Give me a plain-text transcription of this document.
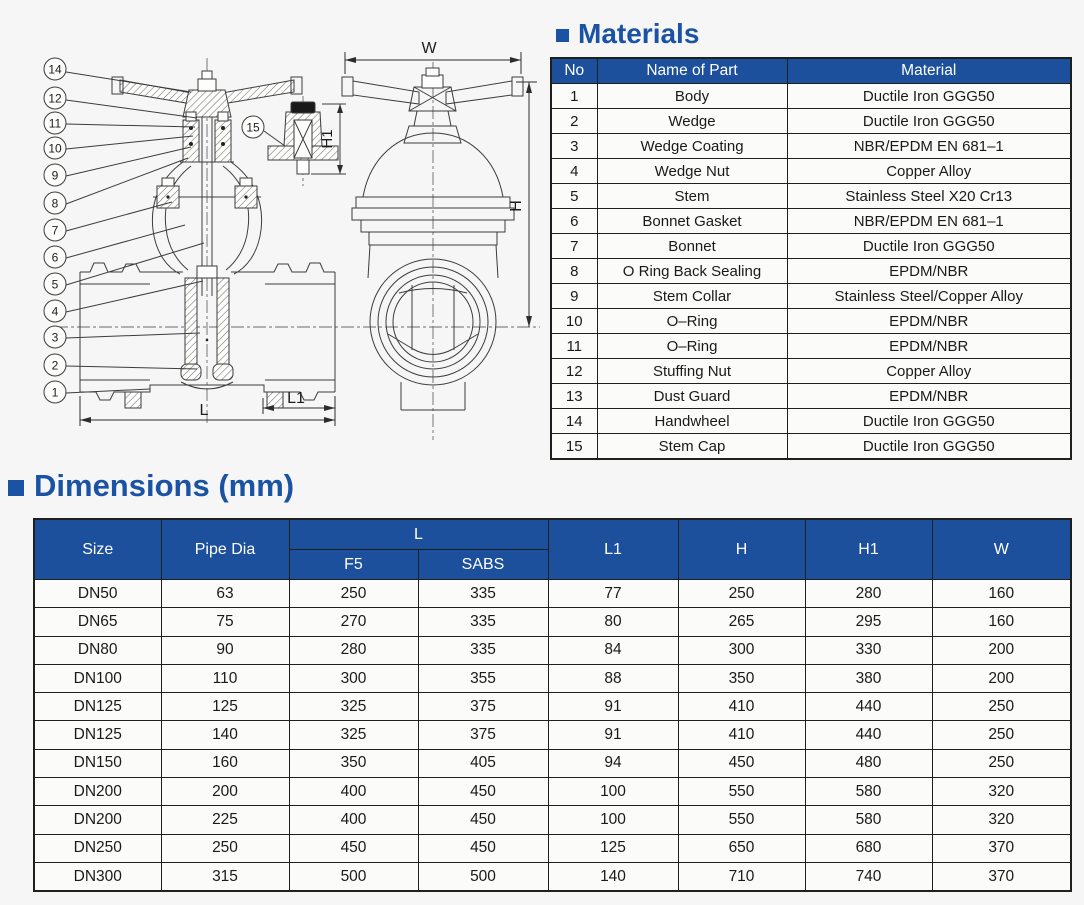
L
L1
H1
15
14
12
11
10
9
8
7
6
5
4
3
2
1
W
H
Materials
No	Name of Part	Material
1	Body	Ductile Iron GGG50
2	Wedge	Ductile Iron GGG50
3	Wedge Coating	NBR/EPDM EN 681–1
4	Wedge Nut	Copper Alloy
5	Stem	Stainless Steel X20 Cr13
6	Bonnet Gasket	NBR/EPDM EN 681–1
7	Bonnet	Ductile Iron GGG50
8	O Ring Back Sealing	EPDM/NBR
9	Stem Collar	Stainless Steel/Copper Alloy
10	O–Ring	EPDM/NBR
11	O–Ring	EPDM/NBR
12	Stuffing Nut	Copper Alloy
13	Dust Guard	EPDM/NBR
14	Handwheel	Ductile Iron GGG50
15	Stem Cap	Ductile Iron GGG50
Dimensions (mm)
Size	Pipe Dia	L		L1	H	H1	W
		F5	SABS				
DN50	63	250	335	77	250	280	160
DN65	75	270	335	80	265	295	160
DN80	90	280	335	84	300	330	200
DN100	110	300	355	88	350	380	200
DN125	125	325	375	91	410	440	250
DN125	140	325	375	91	410	440	250
DN150	160	350	405	94	450	480	250
DN200	200	400	450	100	550	580	320
DN200	225	400	450	100	550	580	320
DN250	250	450	450	125	650	680	370
DN300	315	500	500	140	710	740	370
